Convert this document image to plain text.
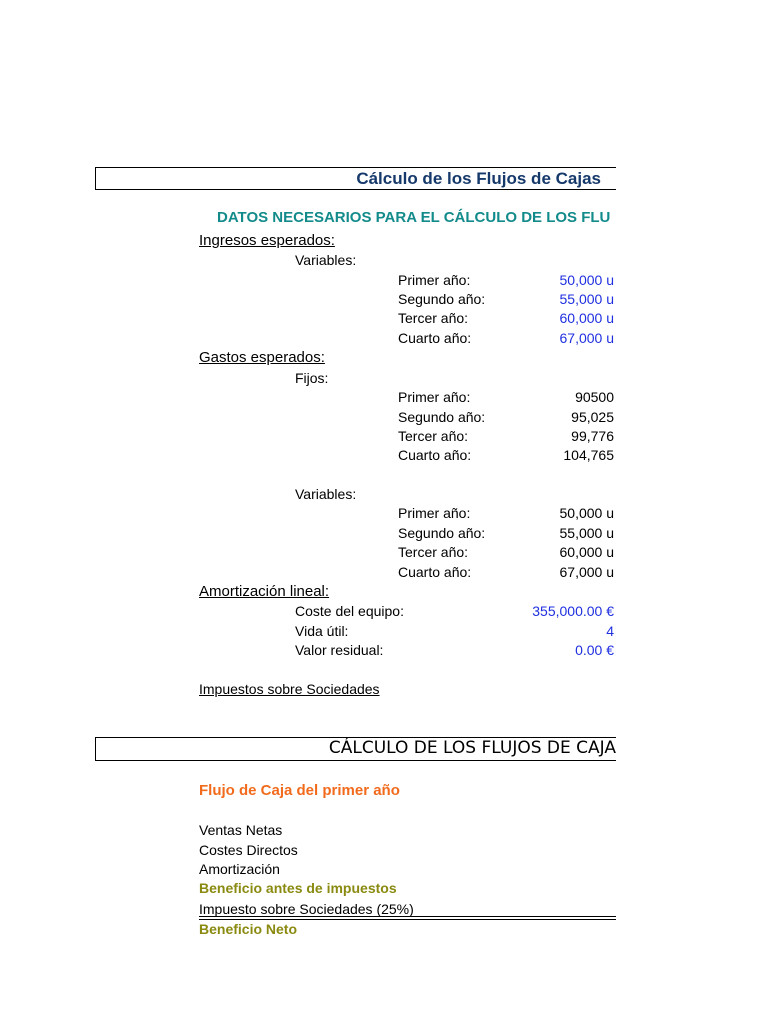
Cálculo de los Flujos de Cajas
DATOS NECESARIOS PARA EL CÁLCULO DE LOS FLU
Ingresos esperados:
Variables:
Primer año:	50,000 u
Segundo año:	55,000 u
Tercer año:	60,000 u
Cuarto año:	67,000 u
Gastos esperados:
Fijos:
Primer año:	90500
Segundo año:	95,025
Tercer año:	99,776
Cuarto año:	104,765
Variables:
Primer año:	50,000 u
Segundo año:	55,000 u
Tercer año:	60,000 u
Cuarto año:	67,000 u
Amortización lineal:
Coste del equipo:	355,000.00 €
Vida útil:	4
Valor residual:	0.00 €
Impuestos sobre Sociedades
CÁLCULO DE LOS FLUJOS DE CAJA
Flujo de Caja del primer año
Ventas Netas
Costes Directos
Amortización
Beneficio antes de impuestos
Impuesto sobre Sociedades (25%)
Beneficio Neto
